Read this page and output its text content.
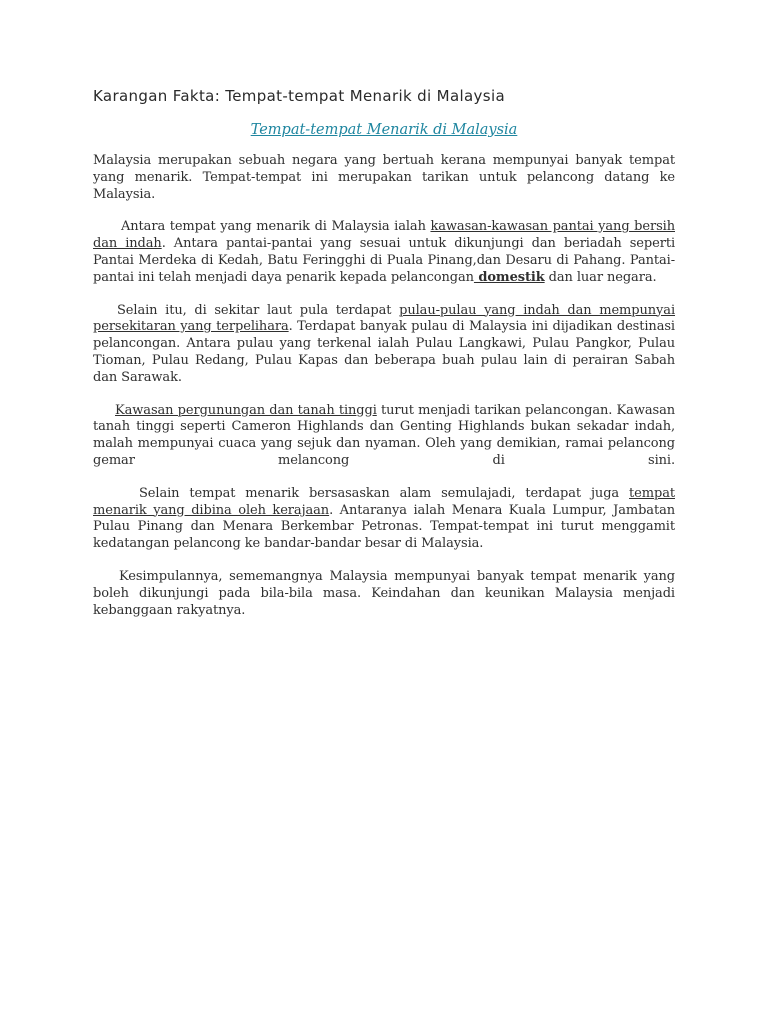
Karangan Fakta: Tempat-tempat Menarik di Malaysia
Tempat-tempat Menarik di Malaysia

Malaysia merupakan sebuah negara yang bertuah kerana mempunyai banyak tempat yang menarik. Tempat-tempat ini merupakan tarikan untuk pelancong datang ke Malaysia.

Antara tempat yang menarik di Malaysia ialah kawasan-kawasan pantai yang bersih dan indah. Antara pantai-pantai yang sesuai untuk dikunjungi dan beriadah seperti Pantai Merdeka di Kedah, Batu Feringghi di Puala Pinang,dan Desaru di Pahang. Pantai-pantai ini telah menjadi daya penarik kepada pelancongan domestik dan luar negara.

Selain itu, di sekitar laut pula terdapat pulau-pulau yang indah dan mempunyai persekitaran yang terpelihara. Terdapat banyak pulau di Malaysia ini dijadikan destinasi pelancongan. Antara pulau yang terkenal ialah Pulau Langkawi, Pulau Pangkor, Pulau Tioman, Pulau Redang, Pulau Kapas dan beberapa buah pulau lain di perairan Sabah dan Sarawak.

Kawasan pergunungan dan tanah tinggi turut menjadi tarikan pelancongan. Kawasan tanah tinggi seperti Cameron Highlands dan Genting Highlands bukan sekadar indah, malah mempunyai cuaca yang sejuk dan nyaman. Oleh yang demikian, ramai pelancong gemar melancong di sini.

Selain tempat menarik bersasaskan alam semulajadi, terdapat juga tempat menarik yang dibina oleh kerajaan. Antaranya ialah Menara Kuala Lumpur, Jambatan Pulau Pinang dan Menara Berkembar Petronas. Tempat-tempat ini turut menggamit kedatangan pelancong ke bandar-bandar besar di Malaysia.

Kesimpulannya, sememangnya Malaysia mempunyai banyak tempat menarik yang boleh dikunjungi pada bila-bila masa. Keindahan dan keunikan Malaysia menjadi kebanggaan rakyatnya.
